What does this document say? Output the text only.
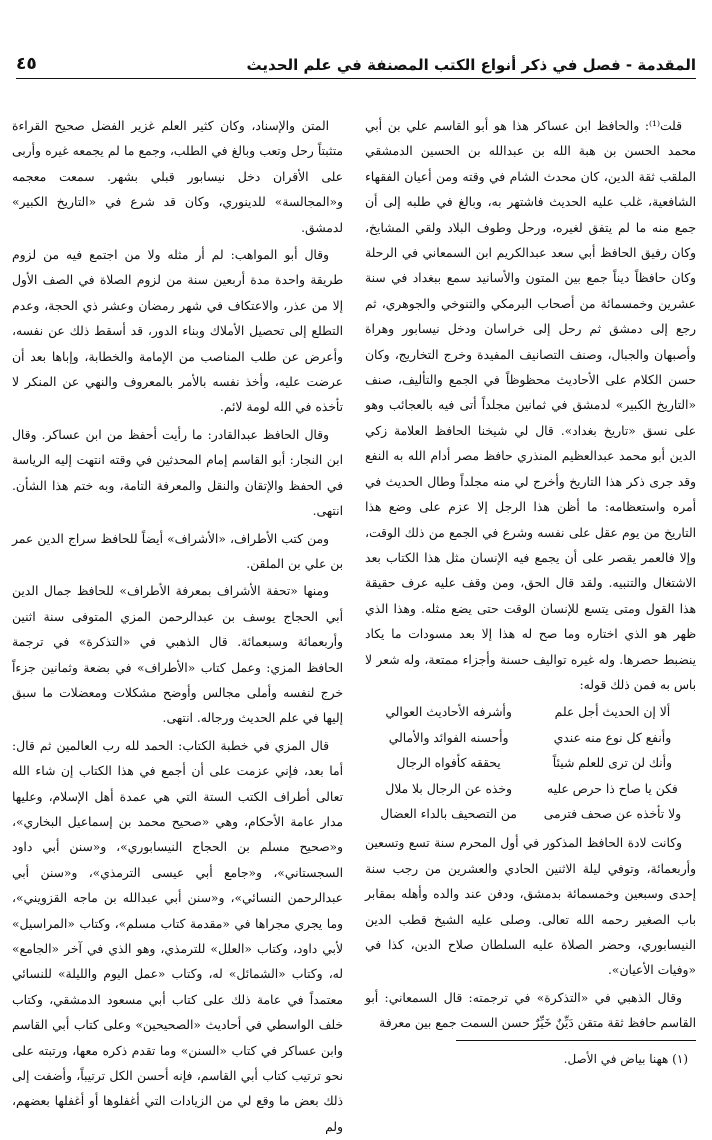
المقدمة - فصل في ذكر أنواع الكتب المصنفة في علم الحديث
٤٥

قلت⁽¹⁾: والحافظ ابن عساكر هذا هو أبو القاسم علي بن أبي محمد الحسن بن هبة الله بن عبدالله بن الحسين الدمشقي الملقب ثقة الدين، كان محدث الشام في وقته ومن أعيان الفقهاء الشافعية، غلب عليه الحديث فاشتهر به، وبالغ في طلبه إلى أن جمع منه ما لم يتفق لغيره، ورحل وطوف البلاد ولقي المشايخ، وكان رفيق الحافظ أبي سعد عبدالكريم ابن السمعاني في الرحلة وكان حافظاً ديناً جمع بين المتون والأسانيد سمع ببغداد في سنة عشرين وخمسمائة من أصحاب البرمكي والتنوخي والجوهري، ثم رجع إلى دمشق ثم رحل إلى خراسان ودخل نيسابور وهراة وأصبهان والجبال، وصنف التصانيف المفيدة وخرج التخاريج، وكان حسن الكلام على الأحاديث محظوظاً في الجمع والتأليف، صنف «التاريخ الكبير» لدمشق في ثمانين مجلداً أتى فيه بالعجائب وهو على نسق «تاريخ بغداد». قال لي شيخنا الحافظ العلامة زكي الدين أبو محمد عبدالعظيم المنذري حافظ مصر أدام الله به النفع وقد جرى ذكر هذا التاريخ وأخرج لي منه مجلداً وطال الحديث في أمره واستعظامه: ما أظن هذا الرجل إلا عزم على وضع هذا التاريخ من يوم عقل على نفسه وشرع في الجمع من ذلك الوقت، وإلا فالعمر يقصر على أن يجمع فيه الإنسان مثل هذا الكتاب بعد الاشتغال والتنبيه. ولقد قال الحق، ومن وقف عليه عرف حقيقة هذا القول ومتى يتسع للإنسان الوقت حتى يضع مثله. وهذا الذي ظهر هو الذي اختاره وما صح له هذا إلا بعد مسودات ما يكاد ينضبط حصرها. وله غيره تواليف حسنة وأجزاء ممتعة، وله شعر لا باس به فمن ذلك قوله:

ألا إن الحديث أجل علم
وأشرفه الأحاديث العوالي
وأنفع كل نوع منه عندي
وأحسنه الفوائد والأمالي
وأنك لن ترى للعلم شيئاً
يحققه كأفواه الرجال
فكن يا صاح ذا حرص عليه
وخذه عن الرجال بلا ملال
ولا تأخذه عن صحف فترمى
من التصحيف بالداء العضال

وكانت لادة الحافظ المذكور في أول المحرم سنة تسع وتسعين وأربعمائة، وتوفي ليلة الاثنين الحادي والعشرين من رجب سنة إحدى وسبعين وخمسمائة بدمشق، ودفن عند والده وأهله بمقابر باب الصغير رحمه الله تعالى. وصلى عليه الشيخ قطب الدين النيسابوري، وحضر الصلاة عليه السلطان صلاح الدين، كذا في «وفيات الأعيان».

وقال الذهبي في «التذكرة» في ترجمته: قال السمعاني: أبو القاسم حافظ ثقة متقن دَيِّنٌ خَيِّرٌ حسن السمت جمع بين معرفة

المتن والإسناد، وكان كثير العلم غزير الفضل صحيح القراءة متثبتاً رحل وتعب وبالغ في الطلب، وجمع ما لم يجمعه غيره وأربى على الأقران دخل نيسابور قبلي بشهر. سمعت معجمه و«المجالسة» للدينوري، وكان قد شرع في «التاريخ الكبير» لدمشق.

وقال أبو المواهب: لم أر مثله ولا من اجتمع فيه من لزوم طريقة واحدة مدة أربعين سنة من لزوم الصلاة في الصف الأول إلا من عذر، والاعتكاف في شهر رمضان وعشر ذي الحجة، وعدم التطلع إلى تحصيل الأملاك وبناء الدور، قد أسقط ذلك عن نفسه، وأعرض عن طلب المناصب من الإمامة والخطابة، وإباها بعد أن عرضت عليه، وأخذ نفسه بالأمر بالمعروف والنهي عن المنكر لا تأخذه في الله لومة لائم.

وقال الحافظ عبدالقادر: ما رأيت أحفظ من ابن عساكر. وقال ابن النجار: أبو القاسم إمام المحدثين في وقته انتهت إليه الرياسة في الحفظ والإتقان والنقل والمعرفة التامة، وبه ختم هذا الشأن. انتهى.

ومن كتب الأطراف، «الأشراف» أيضاً للحافظ سراج الدين عمر بن علي بن الملقن.

ومنها «تحفة الأشراف بمعرفة الأطراف» للحافظ جمال الدين أبي الحجاج يوسف بن عبدالرحمن المزي المتوفى سنة اثنين وأربعمائة وسبعمائة. قال الذهبي في «التذكرة» في ترجمة الحافظ المزي: وعمل كتاب «الأطراف» في بضعة وثمانين جزءاً خرج لنفسه وأملى مجالس وأوضح مشكلات ومعضلات ما سبق إليها في علم الحديث ورجاله. انتهى.

قال المزي في خطبة الكتاب: الحمد لله رب العالمين ثم قال: أما بعد، فإني عزمت على أن أجمع في هذا الكتاب إن شاء الله تعالى أطراف الكتب الستة التي هي عمدة أهل الإسلام، وعليها مدار عامة الأحكام، وهي «صحيح محمد بن إسماعيل البخاري»، و«صحيح مسلم بن الحجاج النيسابوري»، و«سنن أبي داود السجستاني»، و«جامع أبي عيسى الترمذي»، و«سنن أبي عبدالرحمن النسائي»، و«سنن أبي عبدالله بن ماجه القزويني»، وما يجري مجراها في «مقدمة كتاب مسلم»، وكتاب «المراسيل» لأبي داود، وكتاب «العلل» للترمذي، وهو الذي في آخر «الجامع» له، وكتاب «الشمائل» له، وكتاب «عمل اليوم والليلة» للنسائي معتمداً في عامة ذلك على كتاب أبي مسعود الدمشقي، وكتاب خلف الواسطي في أحاديث «الصحيحين» وعلى كتاب أبي القاسم وابن عساكر في كتاب «السنن» وما تقدم ذكره معها، ورتبته على نحو ترتيب كتاب أبي القاسم، فإنه أحسن الكل ترتيباً، وأضفت إلى ذلك بعض ما وقع لي من الزيادات التي أغفلوها أو أغفلها بعضهم، ولم

(١) ههنا بياض في الأصل.
